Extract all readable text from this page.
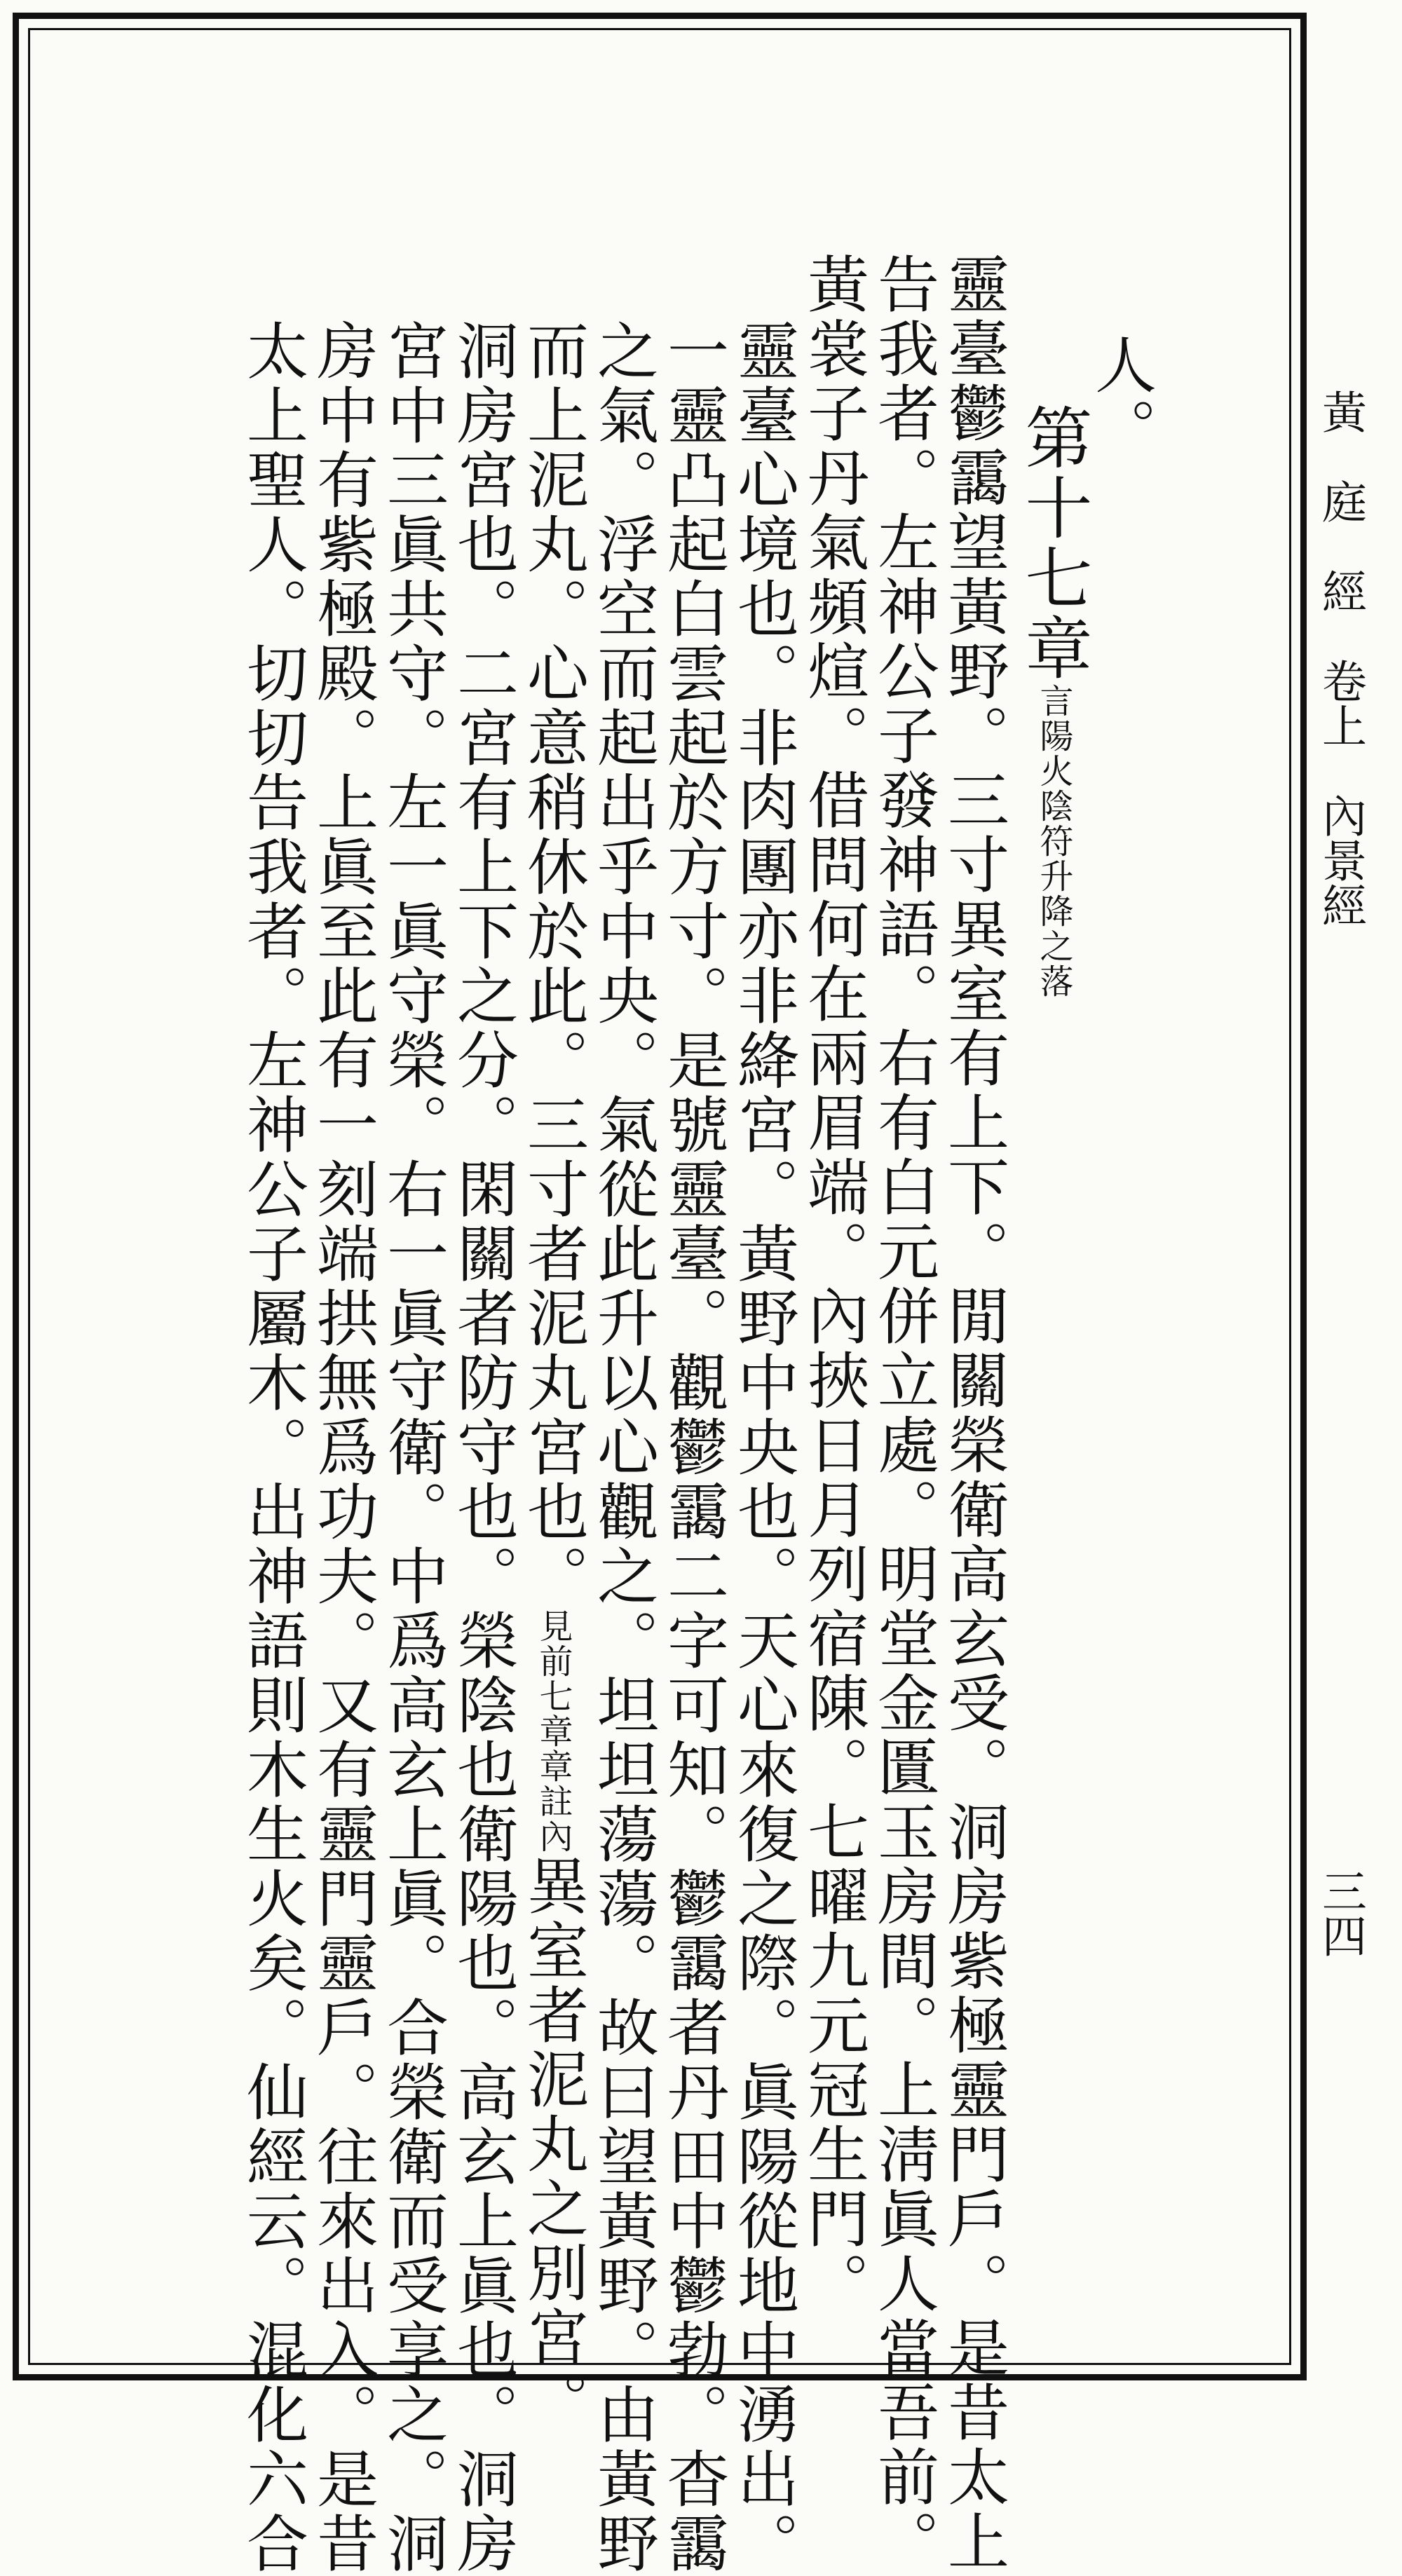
黃　庭　經　卷上　內景經
三四
人。
第十七章言陽火陰符升降之落
靈臺鬱靄望黃野。三寸異室有上下。閒關榮衛高玄受。洞房紫極靈門戶。是昔太上
告我者。左神公子發神語。右有白元併立處。明堂金匱玉房間。上淸眞人當吾前。
黃裳子丹氣頻煊。借問何在兩眉端。內挾日月列宿陳。七曜九元冠生門。
靈臺心境也。非肉團亦非絳宮。黃野中央也。天心來復之際。眞陽從地中湧出。
一靈凸起白雲起於方寸。是號靈臺。觀鬱靄二字可知。鬱靄者丹田中鬱勃。杳靄
之氣。浮空而起出乎中央。氣從此升以心觀之。坦坦蕩蕩。故曰望黃野。由黃野
而上泥丸。心意稍休於此。三寸者泥丸宮也。見前七章章註內異室者泥丸之別宮。
洞房宮也。二宮有上下之分。閑關者防守也。榮陰也衛陽也。高玄上眞也。洞房
宮中三眞共守。左一眞守榮。右一眞守衛。中爲高玄上眞。合榮衛而受享之。洞
房中有紫極殿。上眞至此有一刻端拱無爲功夫。又有靈門靈戶。往來出入。是昔
太上聖人。切切告我者。左神公子屬木。出神語則木生火矣。仙經云。混化六合
